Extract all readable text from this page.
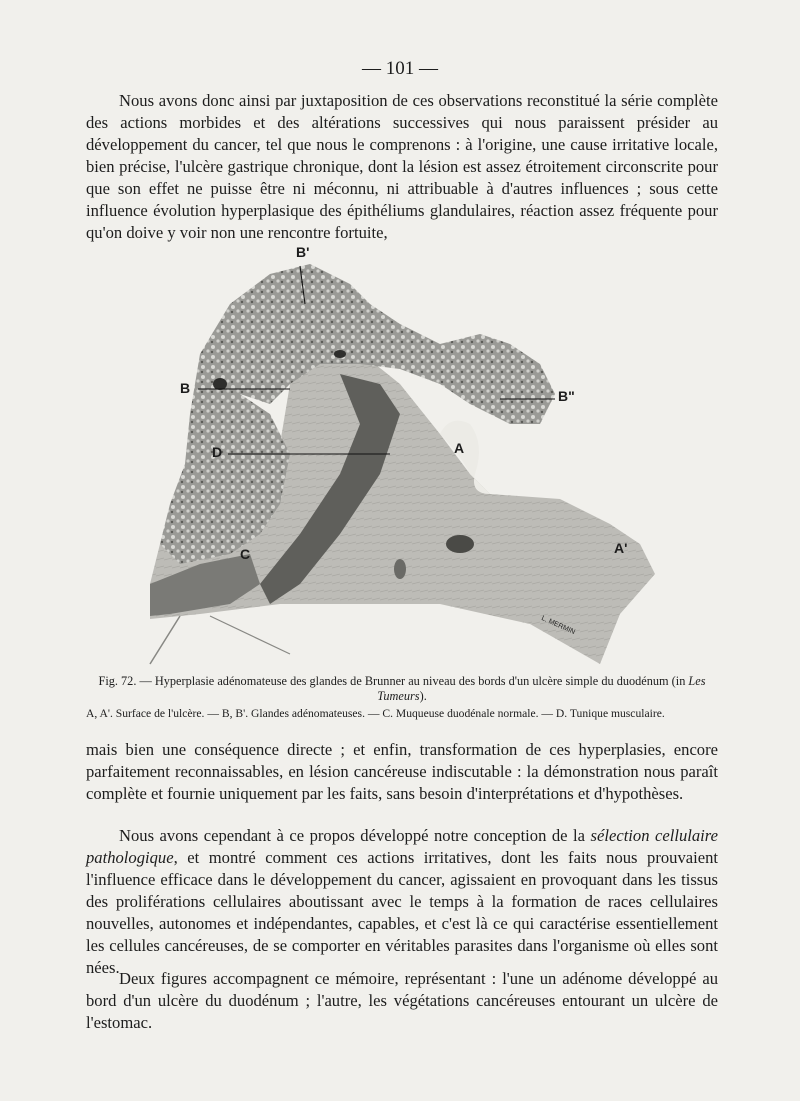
— 101 —

Nous avons donc ainsi par juxtaposition de ces observations reconstitué la série complète des actions morbides et des altérations successives qui nous paraissent présider au développement du cancer, tel que nous le comprenons : à l'origine, une cause irritative locale, bien précise, l'ulcère gastrique chronique, dont la lésion est assez étroitement circonscrite pour que son effet ne puisse être ni méconnu, ni attribuable à d'autres influences ; sous cette influence évolution hyperplasique des épithéliums glandulaires, réaction assez fréquente pour qu'on doive y voir non une rencontre fortuite,

B'
B	B"
D	A
C	A'
L. MERMIN
Fig. 72. — Hyperplasie adénomateuse des glandes de Brunner au niveau des bords d'un ulcère simple du duodénum (in Les Tumeurs).
A, A'. Surface de l'ulcère. — B, B'. Glandes adénomateuses. — C. Muqueuse duodénale normale. — D. Tunique musculaire.

mais bien une conséquence directe ; et enfin, transformation de ces hyperplasies, encore parfaitement reconnaissables, en lésion cancéreuse indiscutable : la démonstration nous paraît complète et fournie uniquement par les faits, sans besoin d'interprétations et d'hypothèses.

Nous avons cependant à ce propos développé notre conception de la sélection cellulaire pathologique, et montré comment ces actions irritatives, dont les faits nous prouvaient l'influence efficace dans le développement du cancer, agissaient en provoquant dans les tissus des proliférations cellulaires aboutissant avec le temps à la formation de races cellulaires nouvelles, autonomes et indépendantes, capables, et c'est là ce qui caractérise essentiellement les cellules cancéreuses, de se comporter en véritables parasites dans l'organisme où elles sont nées.

Deux figures accompagnent ce mémoire, représentant : l'une un adénome développé au bord d'un ulcère du duodénum ; l'autre, les végétations cancéreuses entourant un ulcère de l'estomac.
